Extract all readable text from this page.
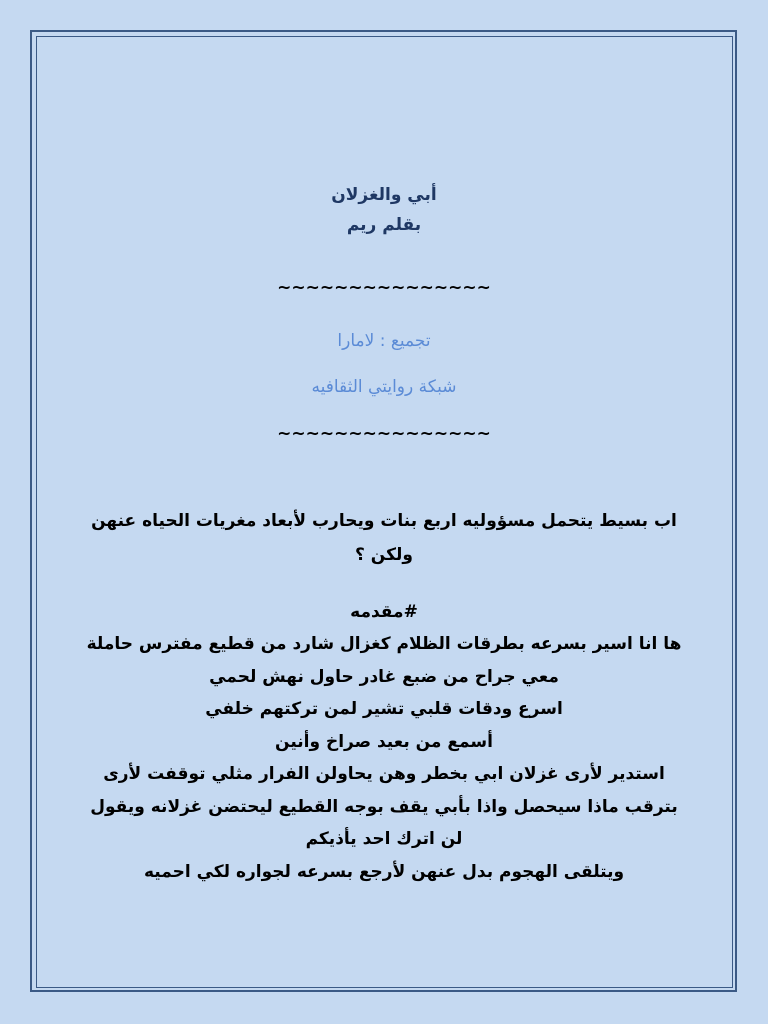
أبي والغزلان

بقلم ريم

~~~~~~~~~~~~~~~
تجميع : لامارا
شبكة روايتي الثقافيه
~~~~~~~~~~~~~~~
اب بسيط يتحمل مسؤوليه اربع بنات ويحارب لأبعاد مغريات الحياه عنهن
ولكن ؟
#مقدمه
ها انا اسير بسرعه بطرقات الظلام كغزال شارد من قطيع مفترس حاملة
معي جراح من ضبع غادر حاول نهش لحمي
اسرع ودقات قلبي تشير لمن تركتهم خلفي
أسمع من بعيد صراخ وأنين
استدير لأرى غزلان ابي بخطر وهن يحاولن الفرار مثلي توقفت لأرى
بترقب ماذا سيحصل واذا بأبي يقف بوجه القطيع ليحتضن غزلانه ويقول
لن اترك احد يأذيكم
ويتلقى الهجوم بدل عنهن لأرجع بسرعه لجواره لكي احميه
